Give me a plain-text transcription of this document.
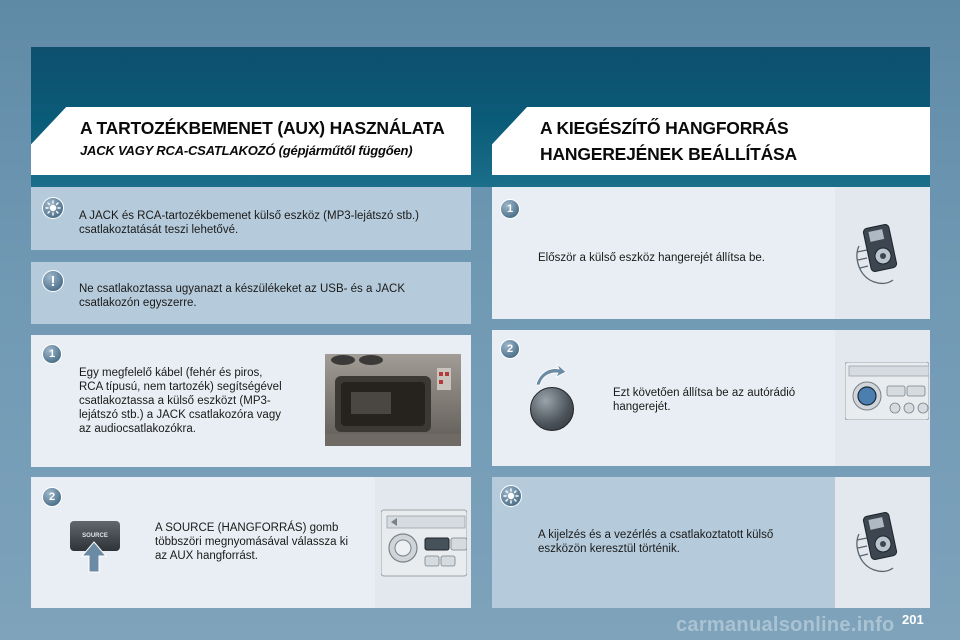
A TARTOZÉKBEMENET (AUX) HASZNÁLATA
JACK VAGY RCA-CSATLAKOZÓ (gépjárműtől függően)
A KIEGÉSZÍTŐ HANGFORRÁS
HANGEREJÉNEK BEÁLLÍTÁSA
A JACK és RCA-tartozékbemenet külső eszköz (MP3-lejátszó stb.)
csatlakoztatását teszi lehetővé.
!	Ne csatlakoztassa ugyanazt a készülékeket az USB- és a JACK
csatlakozón egyszerre.
1
Egy megfelelő kábel (fehér és piros,
RCA típusú, nem tartozék) segítségével
csatlakoztassa a külső eszközt (MP3-
lejátszó stb.) a JACK csatlakozóra vagy
az audiocsatlakozókra.
2
SOURCE
A SOURCE (HANGFORRÁS) gomb
többszöri megnyomásával válassza ki
az AUX hangforrást.
1
Először a külső eszköz hangerejét állítsa be.
2
Ezt követően állítsa be az autórádió
hangerejét.
A kijelzés és a vezérlés a csatlakoztatott külső
eszközön keresztül történik.
carmanualsonline.info 201
